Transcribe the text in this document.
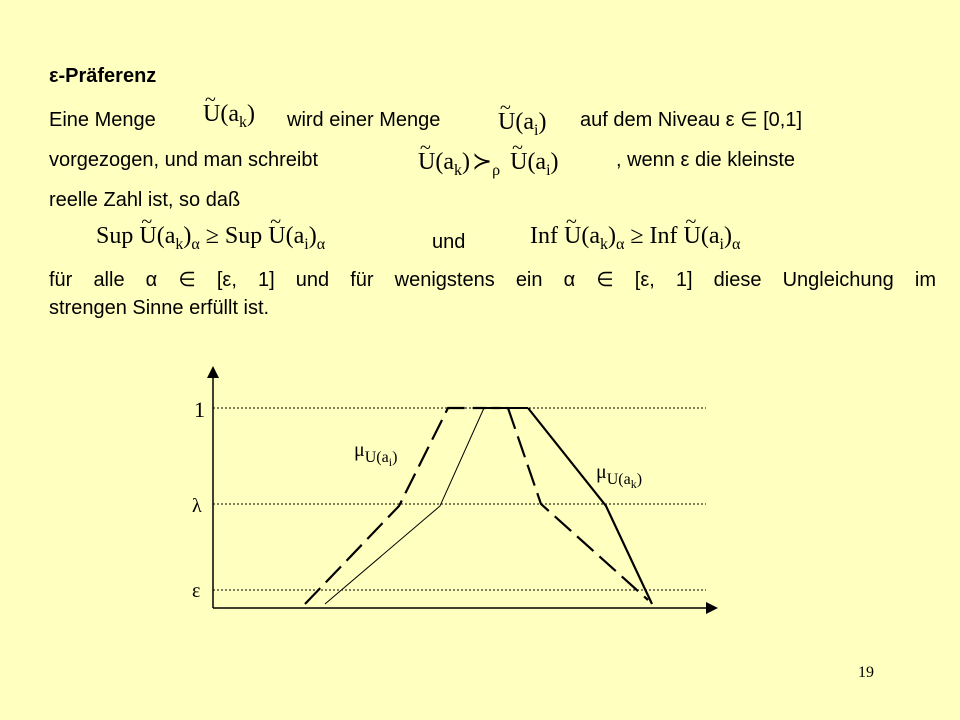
ε-Präferenz
Eine Menge
~ $U(a_k)$ wird einer Menge
~ $U(a_i)$ auf dem Niveau ε ∈ [0,1]
vorgezogen, und man schreibt
~	$U(a_k)≻_\rho\sim$ $U(a_i)$	, wenn ε die kleinste
reelle Zahl ist, so daß
Sup ~ $U(a_k)_\alpha$ ≥ Sup ~ $U(a_i)_\alpha$	und	Inf ~ $U(a_k)_\alpha$ ≥ Inf ~ $U(a_i)_\alpha$
für alle α ∈ [ε, 1] und für wenigstens ein α ∈ [ε, 1] diese Ungleichung im
strengen Sinne erfüllt ist.
1
λ
ε
$\mu_{U(ai}^)$
$\mu_{U(ak}^)$
19
